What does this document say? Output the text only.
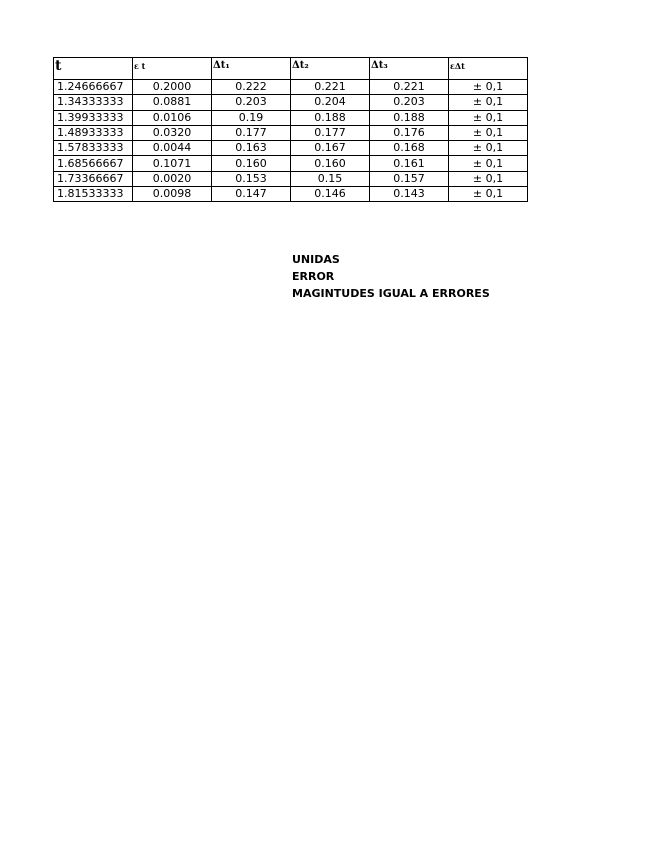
t̄	ε t	Δt₁	Δt₂	Δt₃	εΔt
1.24666667	0.2000	0.222	0.221	0.221	± 0,1
1.34333333	0.0881	0.203	0.204	0.203	± 0,1
1.39933333	0.0106	0.19	0.188	0.188	± 0,1
1.48933333	0.0320	0.177	0.177	0.176	± 0,1
1.57833333	0.0044	0.163	0.167	0.168	± 0,1
1.68566667	0.1071	0.160	0.160	0.161	± 0,1
1.73366667	0.0020	0.153	0.15	0.157	± 0,1
1.81533333	0.0098	0.147	0.146	0.143	± 0,1
UNIDAS
ERROR
MAGINTUDES IGUAL A ERRORES
